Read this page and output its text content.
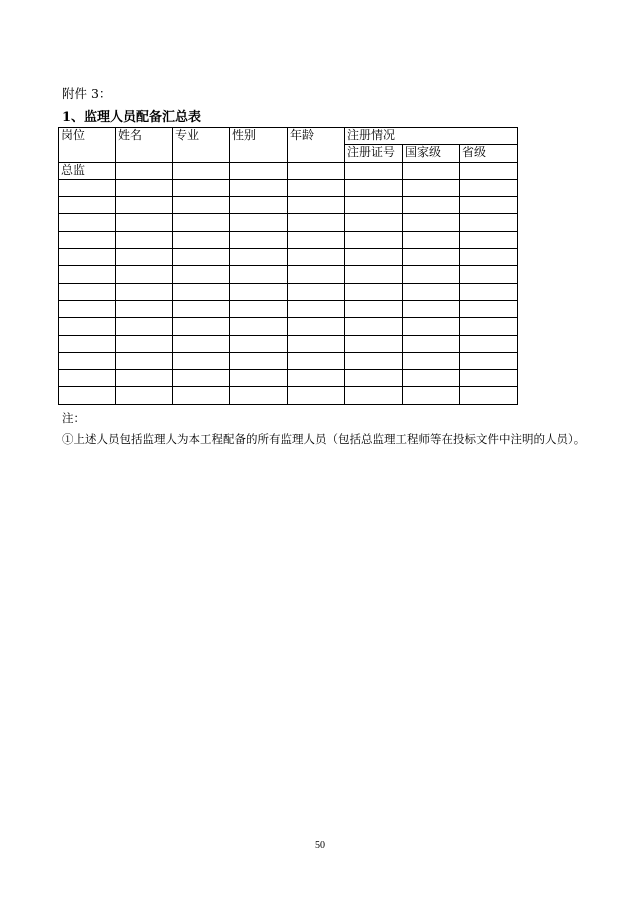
附件 3：
1、监理人员配备汇总表
岗位	姓名	专业	性别	年龄	注册情况		
					注册证号	国家级	省级
总监							

注：
①上述人员包括监理人为本工程配备的所有监理人员（包括总监理工程师等在投标文件中注明的人员）。
50
